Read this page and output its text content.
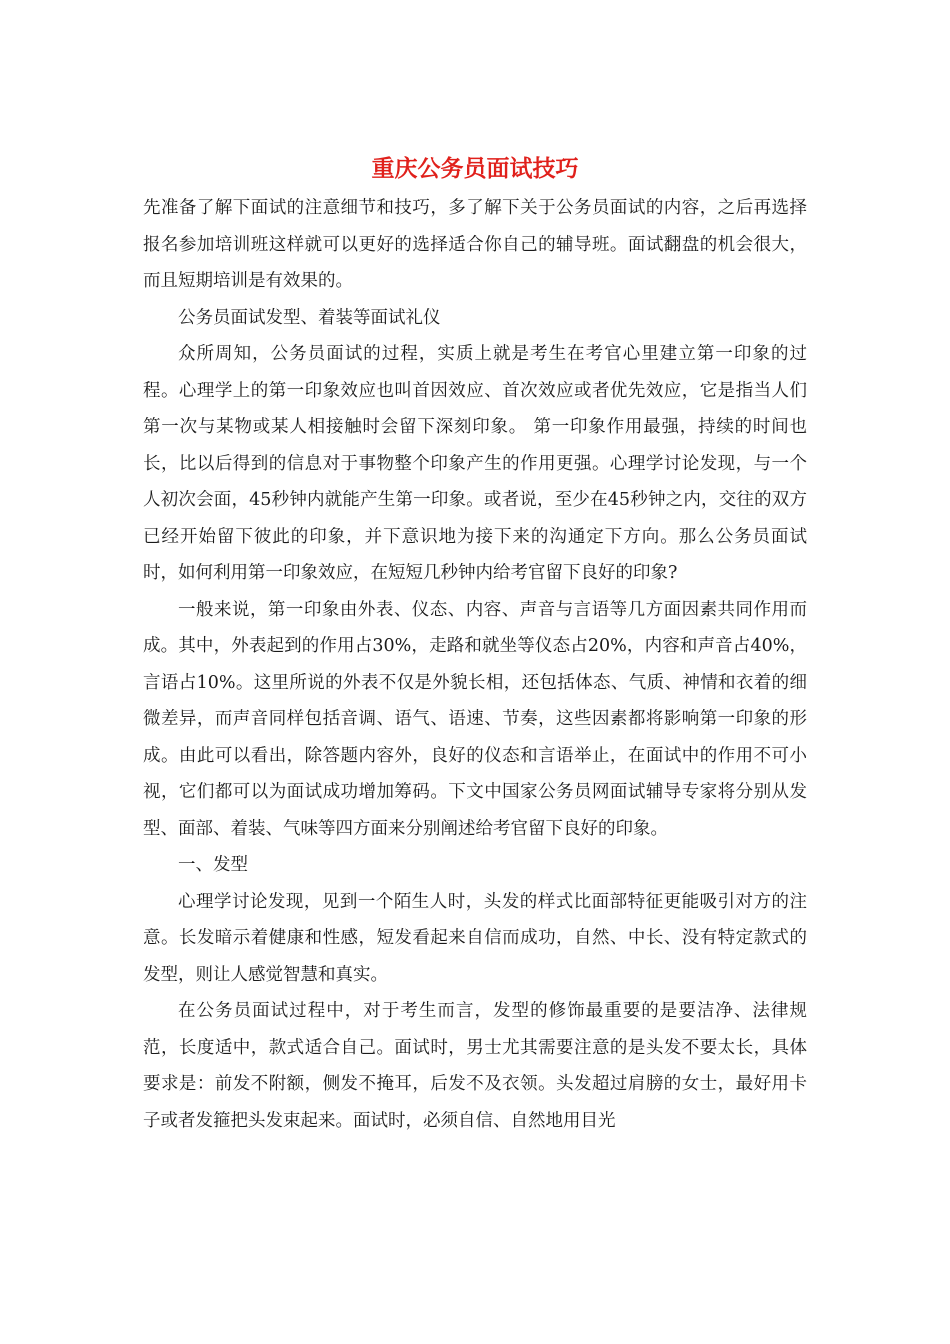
重庆公务员面试技巧

先准备了解下面试的注意细节和技巧，多了解下关于公务员面试的内容，之后再选择报名参加培训班这样就可以更好的选择适合你自己的辅导班。面试翻盘的机会很大，而且短期培训是有效果的。

公务员面试发型、着装等面试礼仪

众所周知，公务员面试的过程，实质上就是考生在考官心里建立第一印象的过程。心理学上的第一印象效应也叫首因效应、首次效应或者优先效应，它是指当人们第一次与某物或某人相接触时会留下深刻印象。 第一印象作用最强，持续的时间也长，比以后得到的信息对于事物整个印象产生的作用更强。心理学讨论发现，与一个人初次会面，45秒钟内就能产生第一印象。或者说，至少在45秒钟之内，交往的双方已经开始留下彼此的印象，并下意识地为接下来的沟通定下方向。那么公务员面试时，如何利用第一印象效应，在短短几秒钟内给考官留下良好的印象?

一般来说，第一印象由外表、仪态、内容、声音与言语等几方面因素共同作用而成。其中，外表起到的作用占30%，走路和就坐等仪态占20%，内容和声音占40%，言语占10%。这里所说的外表不仅是外貌长相，还包括体态、气质、神情和衣着的细微差异，而声音同样包括音调、语气、语速、节奏，这些因素都将影响第一印象的形成。由此可以看出，除答题内容外，良好的仪态和言语举止，在面试中的作用不可小视，它们都可以为面试成功增加筹码。下文中国家公务员网面试辅导专家将分别从发型、面部、着装、气味等四方面来分别阐述给考官留下良好的印象。

一、发型

心理学讨论发现，见到一个陌生人时，头发的样式比面部特征更能吸引对方的注意。长发暗示着健康和性感，短发看起来自信而成功，自然、中长、没有特定款式的发型，则让人感觉智慧和真实。

在公务员面试过程中，对于考生而言，发型的修饰最重要的是要洁净、法律规范，长度适中，款式适合自己。面试时，男士尤其需要注意的是头发不要太长，具体要求是：前发不附额，侧发不掩耳，后发不及衣领。头发超过肩膀的女士，最好用卡子或者发箍把头发束起来。面试时，必须自信、自然地用目光
